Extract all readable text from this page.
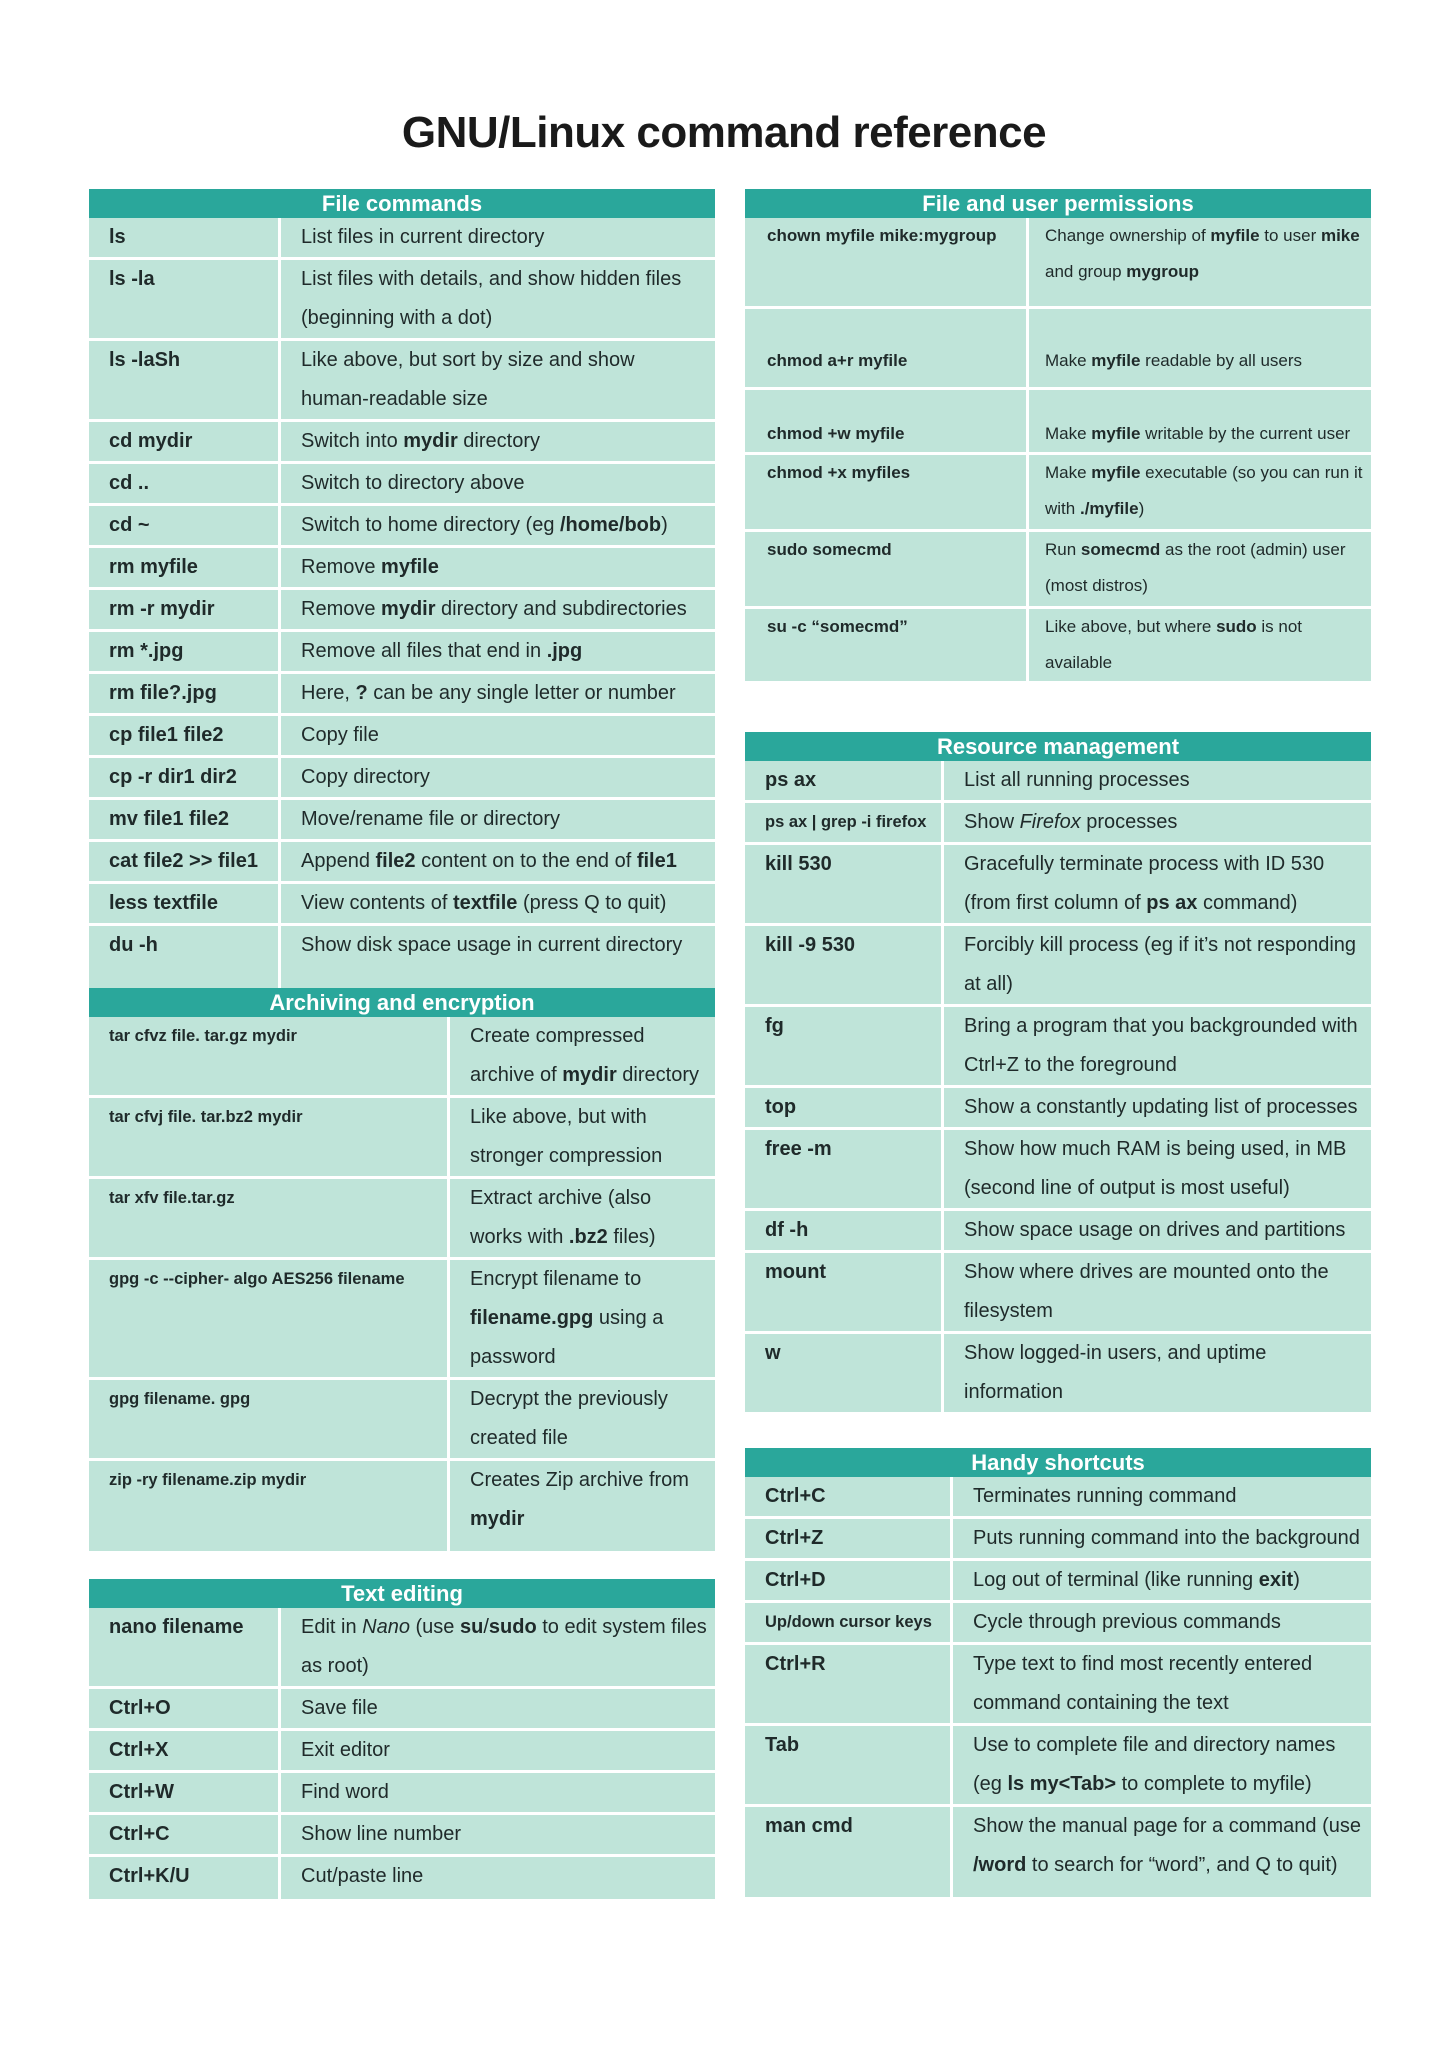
GNU/Linux command reference
File commands
ls	List files in current directory
ls -la	List files with details, and show hidden files (beginning with a dot)
ls -laSh	Like above, but sort by size and show human-readable size
cd mydir	Switch into mydir directory
cd ..	Switch to directory above
cd ~	Switch to home directory (eg /home/bob)
rm myfile	Remove myfile
rm -r mydir	Remove mydir directory and subdirectories
rm *.jpg	Remove all files that end in .jpg
rm file?.jpg	Here, ? can be any single letter or number
cp file1 file2	Copy file
cp -r dir1 dir2	Copy directory
mv file1 file2	Move/rename file or directory
cat file2 >> file1	Append file2 content on to the end of file1
less textfile	View contents of textfile (press Q to quit)
du -h	Show disk space usage in current directory
Archiving and encryption
tar cfvz file. tar.gz mydir	Create compressed archive of mydir directory
tar cfvj file. tar.bz2 mydir	Like above, but with stronger compression
tar xfv file.tar.gz	Extract archive (also works with .bz2 files)
gpg -c --cipher- algo AES256 filename	Encrypt filename to filename.gpg using a password
gpg filename. gpg	Decrypt the previously created file
zip -ry filename.zip mydir	Creates Zip archive from mydir
Text editing
nano filename	Edit in Nano (use su/sudo to edit system files as root)
Ctrl+O	Save file
Ctrl+X	Exit editor
Ctrl+W	Find word
Ctrl+C	Show line number
Ctrl+K/U	Cut/paste line
File and user permissions
chown myfile mike:mygroup	Change ownership of myfile to user mike and group mygroup
chmod a+r myfile	Make myfile readable by all users
chmod +w myfile	Make myfile writable by the current user
chmod +x myfiles	Make myfile executable (so you can run it with ./myfile)
sudo somecmd	Run somecmd as the root (admin) user (most distros)
su -c “somecmd”	Like above, but where sudo is not available
Resource management
ps ax	List all running processes
ps ax | grep -i firefox	Show Firefox processes
kill 530	Gracefully terminate process with ID 530 (from first column of ps ax command)
kill -9 530	Forcibly kill process (eg if it’s not responding at all)
fg	Bring a program that you backgrounded with Ctrl+Z to the foreground
top	Show a constantly updating list of processes
free -m	Show how much RAM is being used, in MB (second line of output is most useful)
df -h	Show space usage on drives and partitions
mount	Show where drives are mounted onto the filesystem
w	Show logged-in users, and uptime information
Handy shortcuts
Ctrl+C	Terminates running command
Ctrl+Z	Puts running command into the background
Ctrl+D	Log out of terminal (like running exit)
Up/down cursor keys	Cycle through previous commands
Ctrl+R	Type text to find most recently entered command containing the text
Tab	Use to complete file and directory names (eg ls my<Tab> to complete to myfile)
man cmd	Show the manual page for a command (use /word to search for “word”, and Q to quit)
